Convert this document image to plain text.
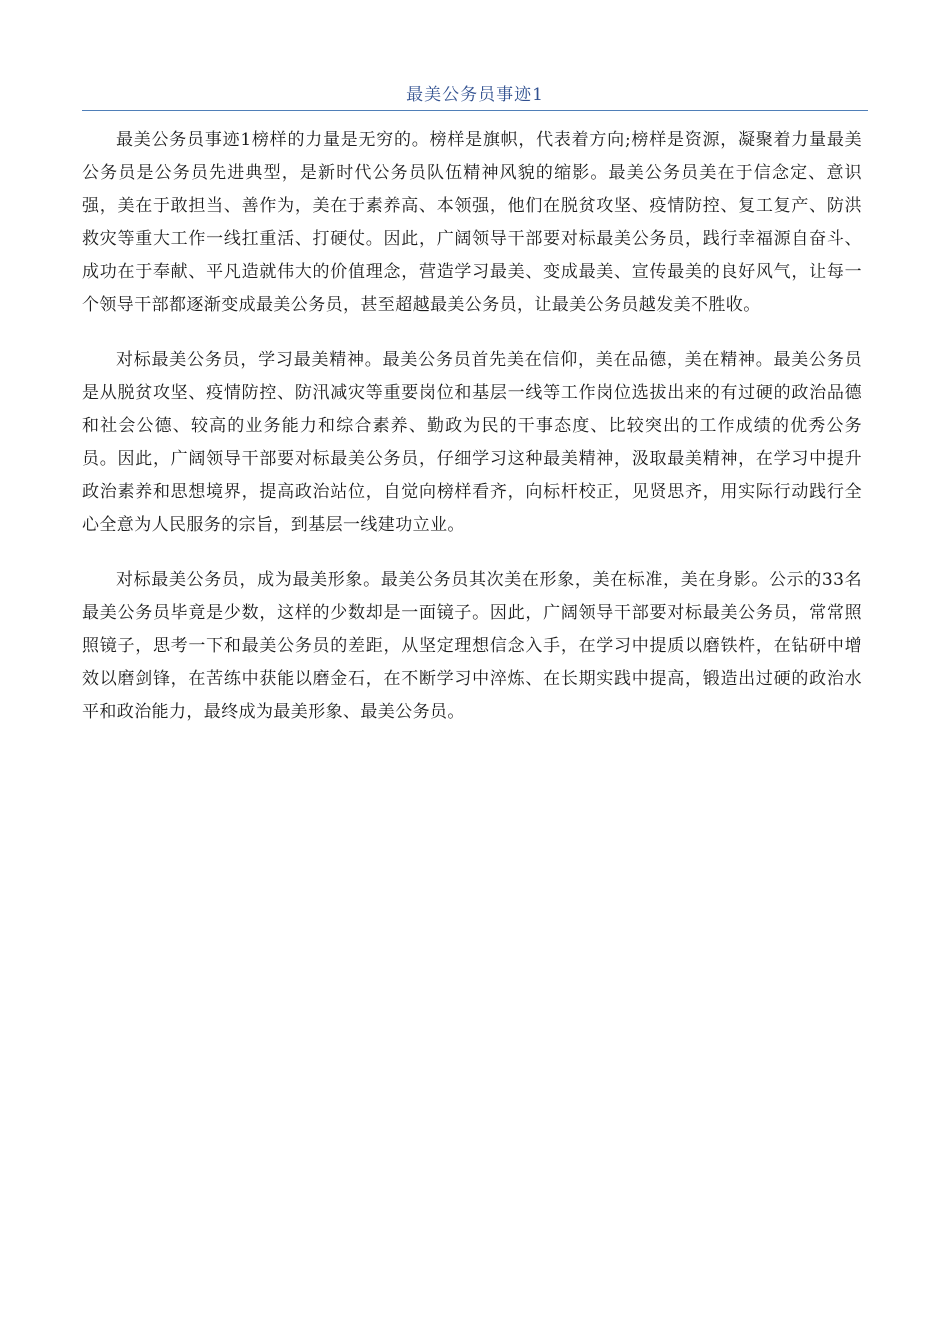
最美公务员事迹1

最美公务员事迹1榜样的力量是无穷的。榜样是旗帜，代表着方向;榜样是资源，凝聚着力量最美公务员是公务员先进典型，是新时代公务员队伍精神风貌的缩影。最美公务员美在于信念定、意识强，美在于敢担当、善作为，美在于素养高、本领强，他们在脱贫攻坚、疫情防控、复工复产、防洪救灾等重大工作一线扛重活、打硬仗。因此，广阔领导干部要对标最美公务员，践行幸福源自奋斗、成功在于奉献、平凡造就伟大的价值理念，营造学习最美、变成最美、宣传最美的良好风气，让每一个领导干部都逐渐变成最美公务员，甚至超越最美公务员，让最美公务员越发美不胜收。

对标最美公务员，学习最美精神。最美公务员首先美在信仰，美在品德，美在精神。最美公务员是从脱贫攻坚、疫情防控、防汛减灾等重要岗位和基层一线等工作岗位选拔出来的有过硬的政治品德和社会公德、较高的业务能力和综合素养、勤政为民的干事态度、比较突出的工作成绩的优秀公务员。因此，广阔领导干部要对标最美公务员，仔细学习这种最美精神，汲取最美精神，在学习中提升政治素养和思想境界，提高政治站位，自觉向榜样看齐，向标杆校正，见贤思齐，用实际行动践行全心全意为人民服务的宗旨，到基层一线建功立业。

对标最美公务员，成为最美形象。最美公务员其次美在形象，美在标准，美在身影。公示的33名最美公务员毕竟是少数，这样的少数却是一面镜子。因此，广阔领导干部要对标最美公务员，常常照照镜子，思考一下和最美公务员的差距，从坚定理想信念入手，在学习中提质以磨铁杵，在钻研中增效以磨剑锋，在苦练中获能以磨金石，在不断学习中淬炼、在长期实践中提高，锻造出过硬的政治水平和政治能力，最终成为最美形象、最美公务员。
